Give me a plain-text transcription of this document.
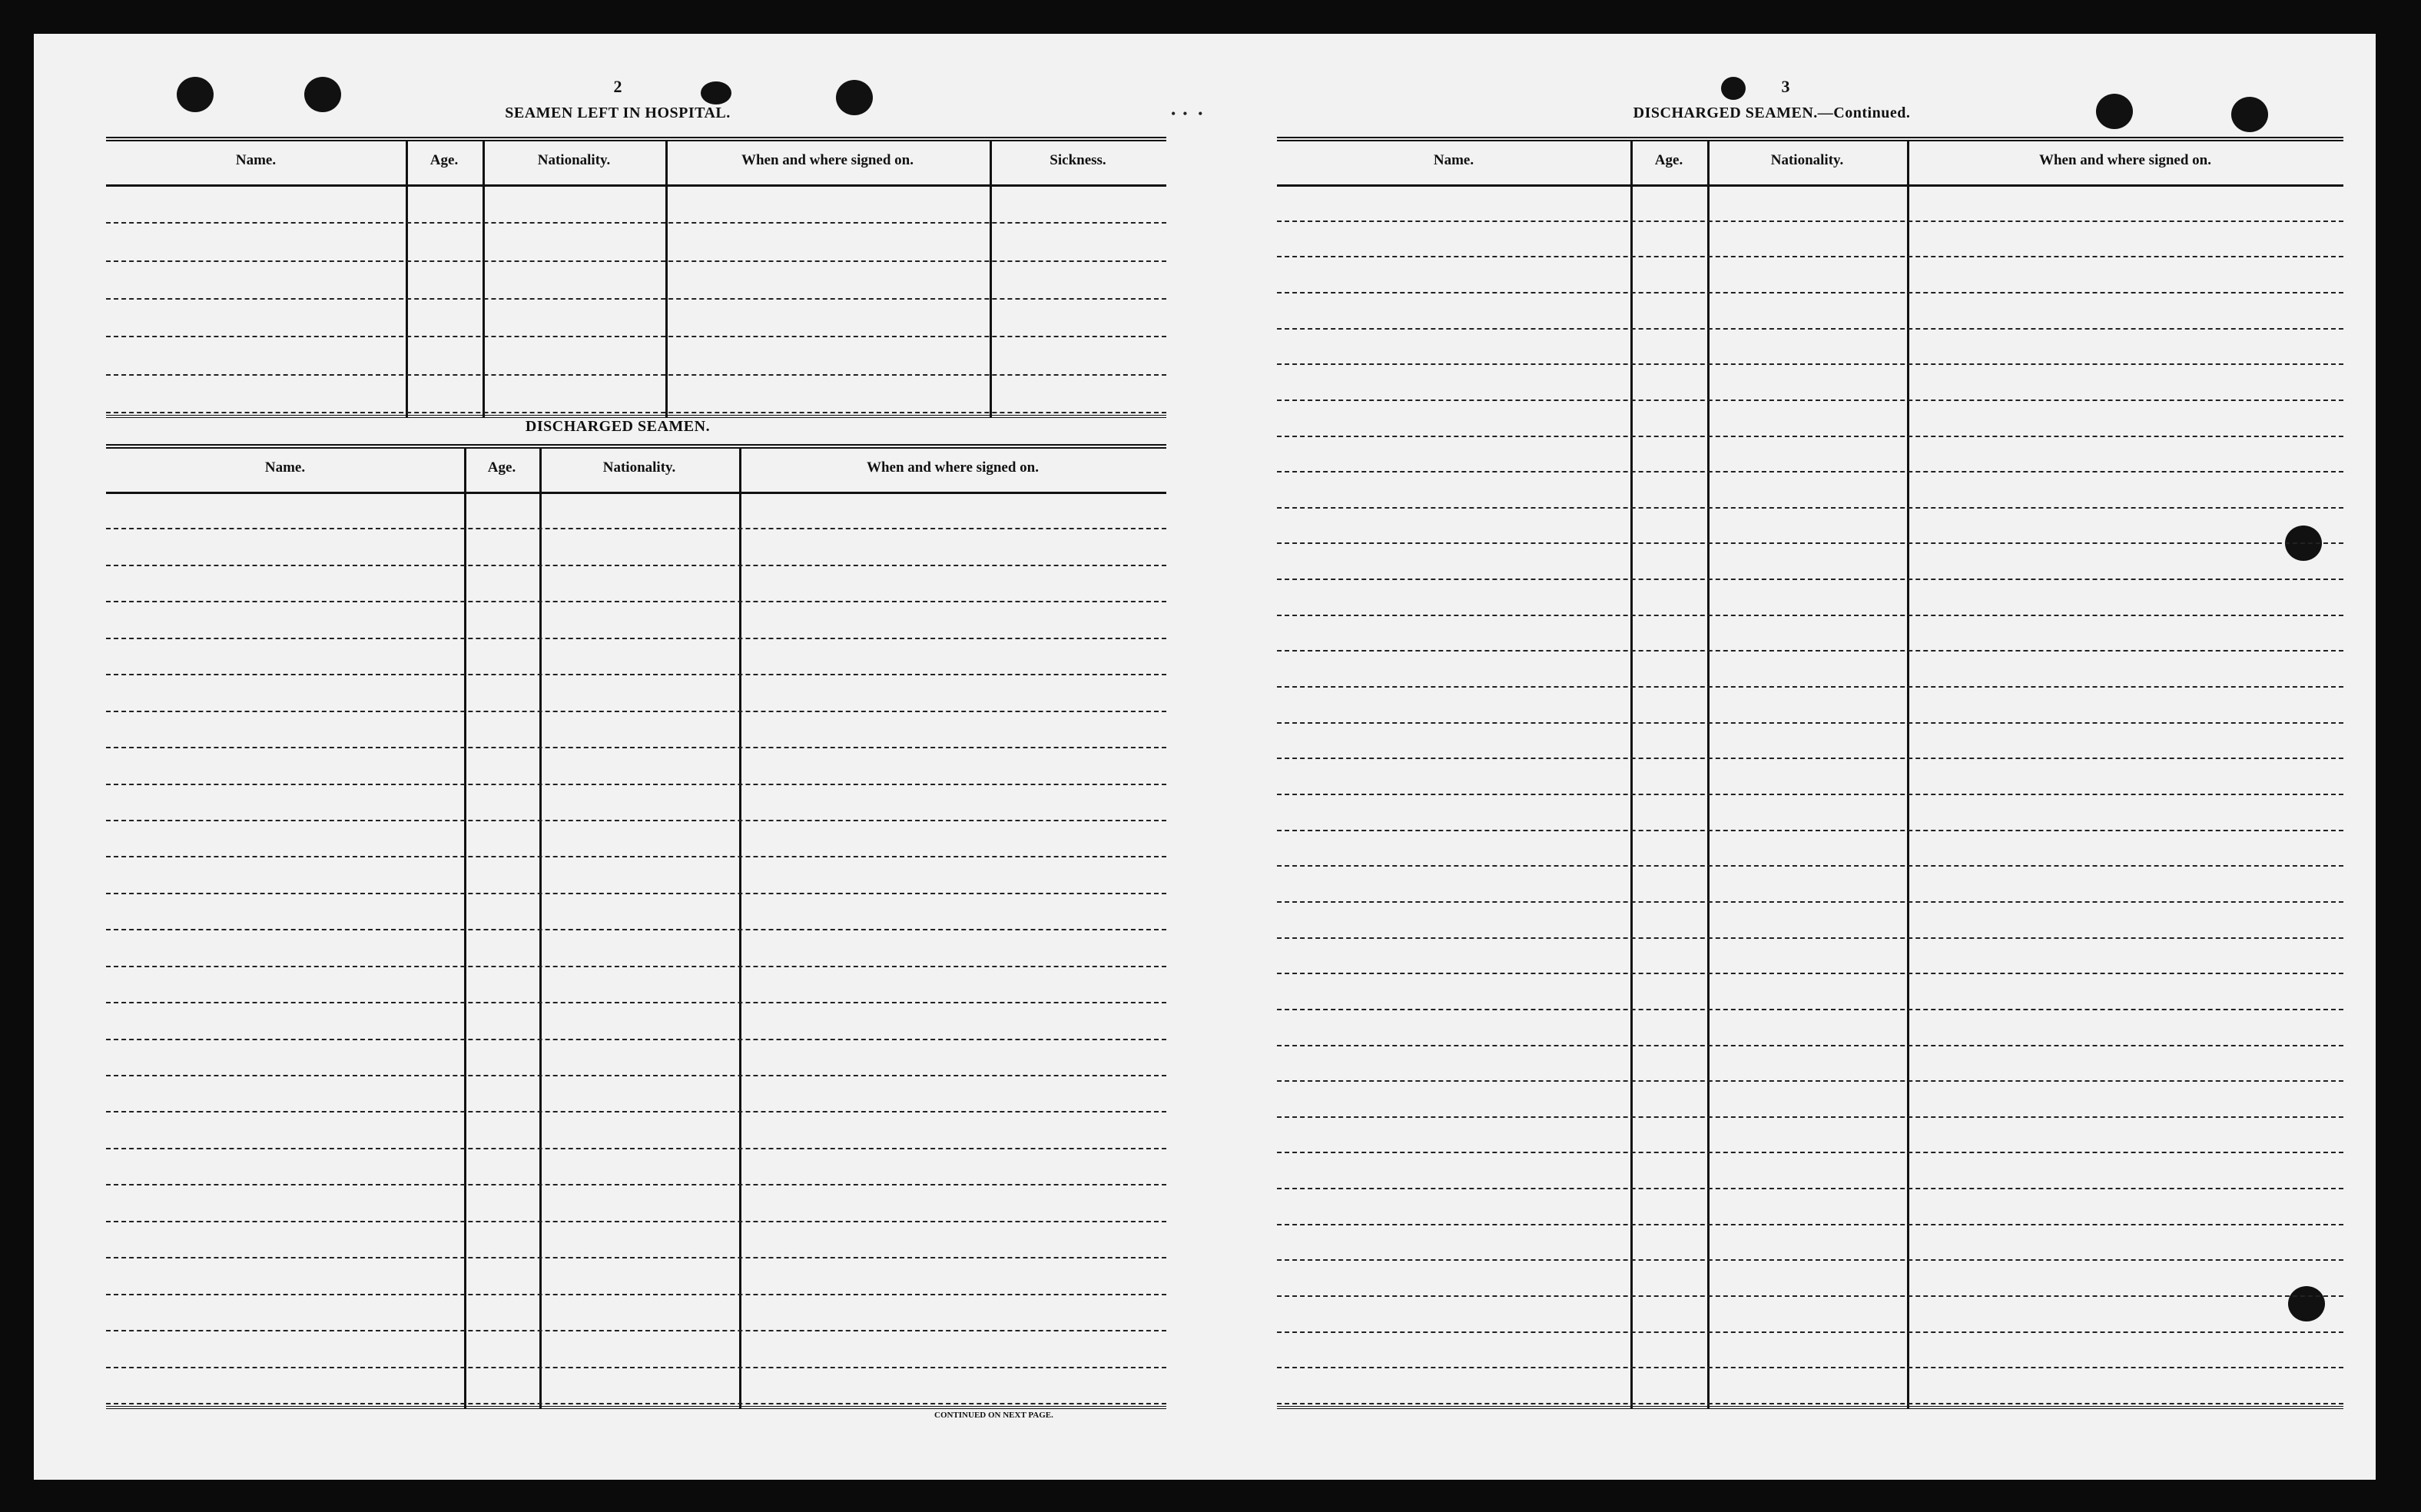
•  •   •
2
SEAMEN LEFT IN HOSPITAL.
Name.	Age.	Nationality.	When and where signed on.	Sickness.
DISCHARGED SEAMEN.
Name.	Age.	Nationality.	When and where signed on.
CONTINUED ON NEXT PAGE.
3
DISCHARGED SEAMEN.—Continued.
Name.	Age.	Nationality.	When and where signed on.
